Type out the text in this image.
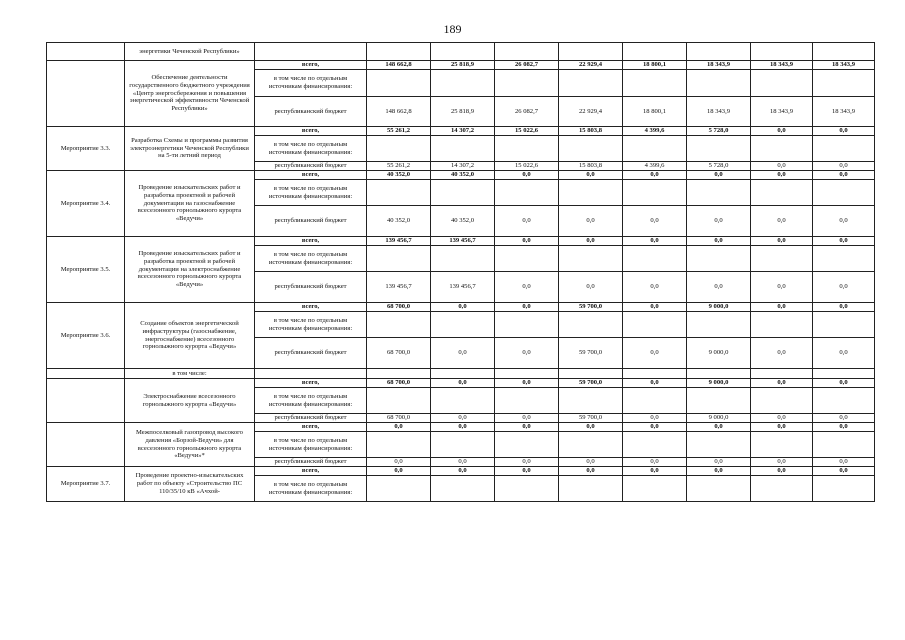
189
	энергетики Чеченской Республики»									
	Обеспечение деятельности государственного бюджетного учреждения «Центр энергосбережения и повышения энергетической эффективности Чеченской Республики»	всего,	148 662,8	25 818,9	26 082,7	22 929,4	18 800,1	18 343,9	18 343,9	18 343,9
		в том числе по отдельным источникам финансирования:								
		республиканский бюджет	148 662,8	25 818,9	26 082,7	22 929,4	18 800,1	18 343,9	18 343,9	18 343,9
Мероприятие 3.3.	Разработка Схемы и программы развития электроэнергетики Чеченской Республики на 5-ти летний период	всего,	55 261,2	14 307,2	15 022,6	15 803,8	4 399,6	5 728,0	0,0	0,0
		в том числе по отдельным источникам финансирования:								
		республиканский бюджет	55 261,2	14 307,2	15 022,6	15 803,8	4 399,6	5 728,0	0,0	0,0
Мероприятие 3.4.	Проведение изыскательских работ и разработка проектной и рабочей документации на газоснабжение всесезонного горнолыжного курорта «Ведучи»	всего,	40 352,0	40 352,0	0,0	0,0	0,0	0,0	0,0	0,0
		в том числе по отдельным источникам финансирования:								
		республиканский бюджет	40 352,0	40 352,0	0,0	0,0	0,0	0,0	0,0	0,0
Мероприятие 3.5.	Проведение изыскательских работ и разработка проектной и рабочей документации на электроснабжение всесезонного горнолыжного курорта «Ведучи»	всего,	139 456,7	139 456,7	0,0	0,0	0,0	0,0	0,0	0,0
		в том числе по отдельным источникам финансирования:								
		республиканский бюджет	139 456,7	139 456,7	0,0	0,0	0,0	0,0	0,0	0,0
Мероприятие 3.6.	Создание объектов энергетической инфраструктуры (газоснабжение, энергоснабжение) всесезонного горнолыжного курорта «Ведучи»	всего,	68 700,0	0,0	0,0	59 700,0	0,0	9 000,0	0,0	0,0
		в том числе по отдельным источникам финансирования:								
		республиканский бюджет	68 700,0	0,0	0,0	59 700,0	0,0	9 000,0	0,0	0,0
	в том числе:									
	Электроснабжение всесезонного горнолыжного курорта «Ведучи»	всего,	68 700,0	0,0	0,0	59 700,0	0,0	9 000,0	0,0	0,0
		в том числе по отдельным источникам финансирования:								
		республиканский бюджет	68 700,0	0,0	0,0	59 700,0	0,0	9 000,0	0,0	0,0
	Межпоселковый газопровод высокого давления «Борзой-Ведучи» для всесезонного горнолыжного курорта «Ведучи»*	всего,	0,0	0,0	0,0	0,0	0,0	0,0	0,0	0,0
		в том числе по отдельным источникам финансирования:								
		республиканский бюджет	0,0	0,0	0,0	0,0	0,0	0,0	0,0	0,0
Мероприятие 3.7.	Проведение проектно-изыскательских работ по объекту «Строительство ПС 110/35/10 кВ «Ачхой-	всего,	0,0	0,0	0,0	0,0	0,0	0,0	0,0	0,0
		в том числе по отдельным источникам финансирования:								
